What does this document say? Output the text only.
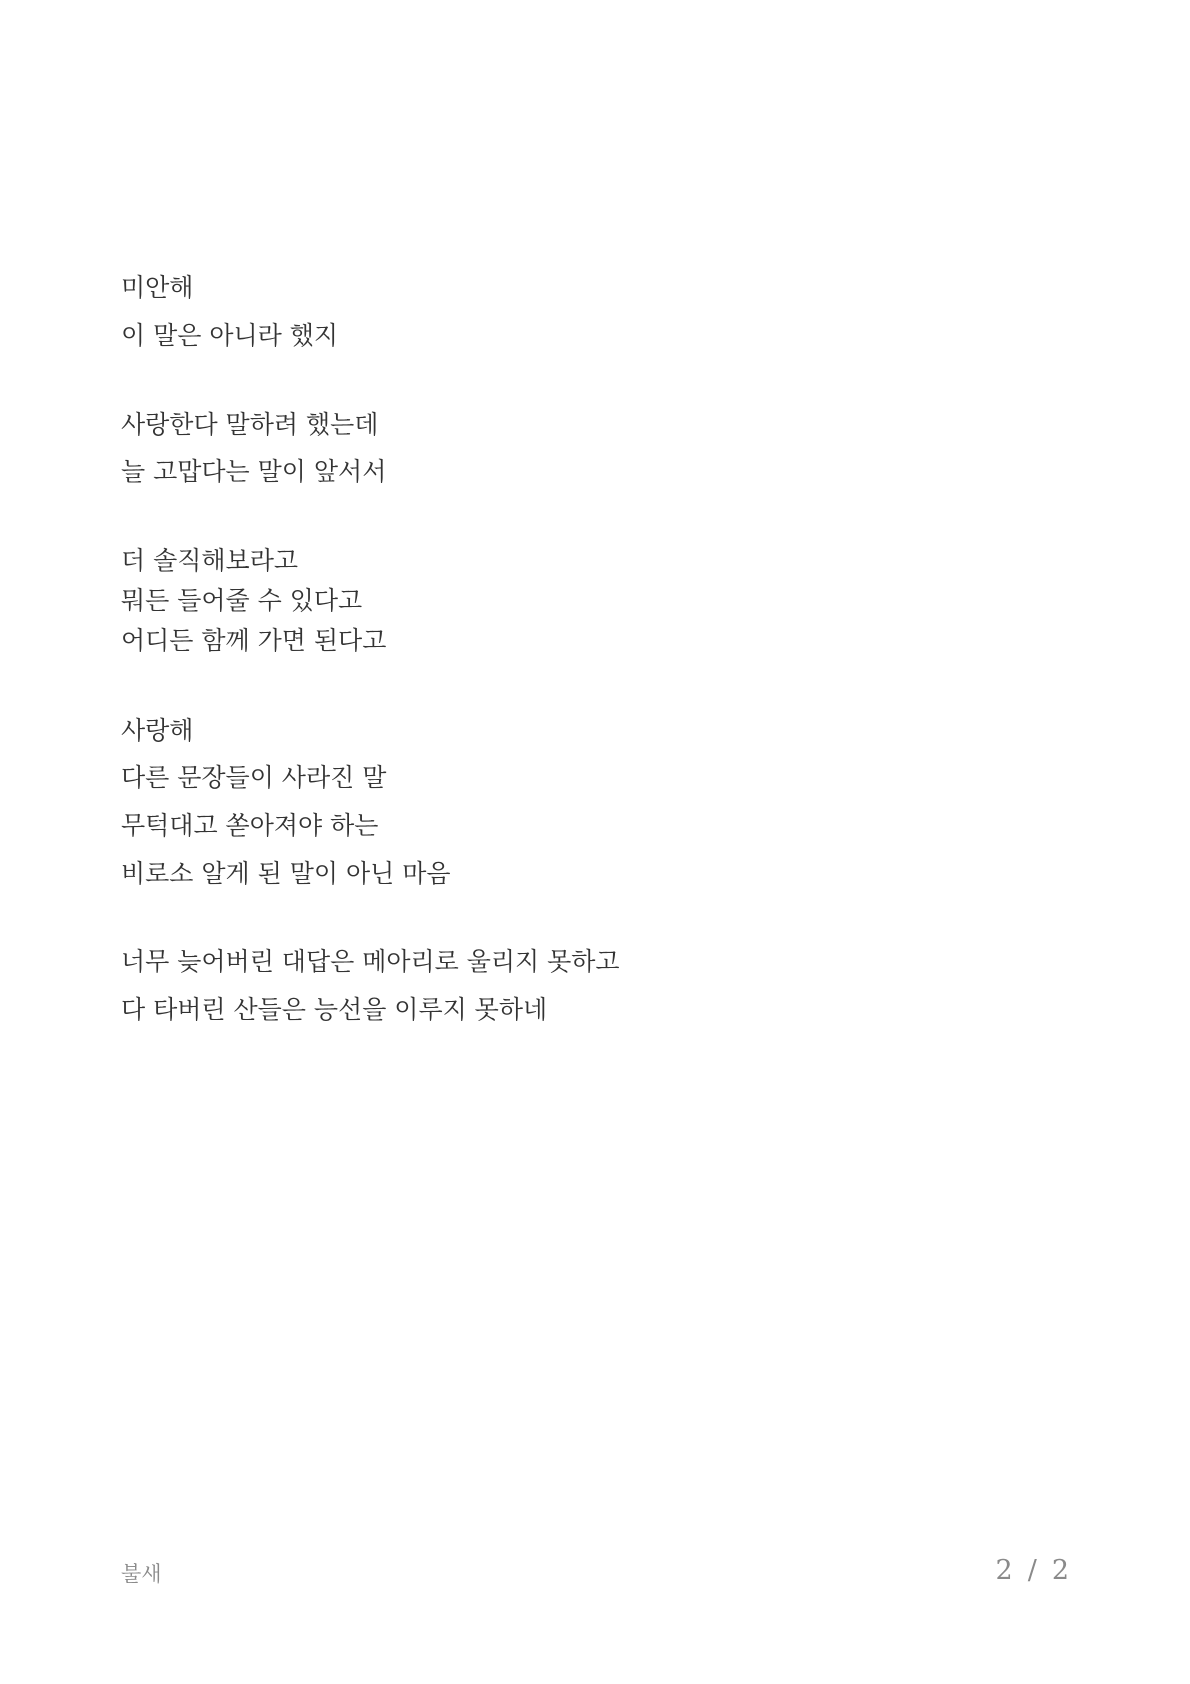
미안해
이 말은 아니라 했지
사랑한다 말하려 했는데
늘 고맙다는 말이 앞서서
더 솔직해보라고
뭐든 들어줄 수 있다고
어디든 함께 가면 된다고
사랑해
다른 문장들이 사라진 말
무턱대고 쏟아져야 하는
비로소 알게 된 말이 아닌 마음
너무 늦어버린 대답은 메아리로 울리지 못하고
다 타버린 산들은 능선을 이루지 못하네
불새	2 / 2
